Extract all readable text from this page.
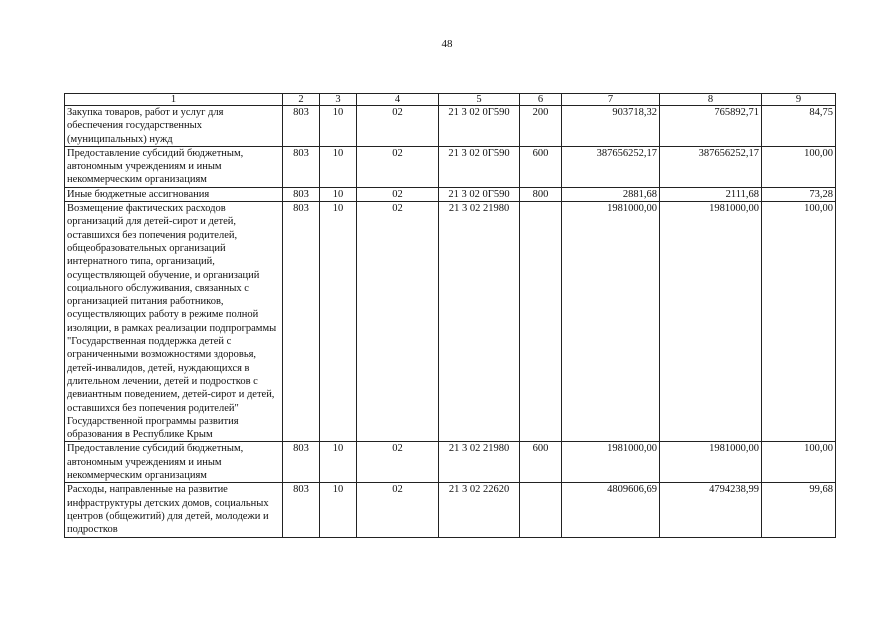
48
1	2	3	4	5	6	7	8	9
Закупка товаров, работ и услуг для обеспечения государственных (муниципальных) нужд	803	10	02	21 3 02 0Г590	200	903718,32	765892,71	84,75
Предоставление субсидий бюджетным, автономным учреждениям и иным некоммерческим организациям	803	10	02	21 3 02 0Г590	600	387656252,17	387656252,17	100,00
Иные бюджетные ассигнования	803	10	02	21 3 02 0Г590	800	2881,68	2111,68	73,28
Возмещение фактических расходов организаций для детей-сирот и детей, оставшихся без попечения родителей, общеобразовательных организаций интернатного типа, организаций, осуществляющей обучение, и организаций социального обслуживания, связанных с организацией питания работников, осуществляющих работу в режиме полной изоляции, в рамках реализации подпрограммы "Государственная поддержка детей с ограниченными возможностями здоровья, детей-инвалидов, детей, нуждающихся в длительном лечении, детей и подростков с девиантным поведением, детей-сирот и детей, оставшихся без попечения родителей" Государственной программы развития образования в Республике Крым	803	10	02	21 3 02 21980		1981000,00	1981000,00	100,00
Предоставление субсидий бюджетным, автономным учреждениям и иным некоммерческим организациям	803	10	02	21 3 02 21980	600	1981000,00	1981000,00	100,00
Расходы, направленные на развитие инфраструктуры детских домов, социальных центров (общежитий) для детей, молодежи и подростков	803	10	02	21 3 02 22620		4809606,69	4794238,99	99,68
